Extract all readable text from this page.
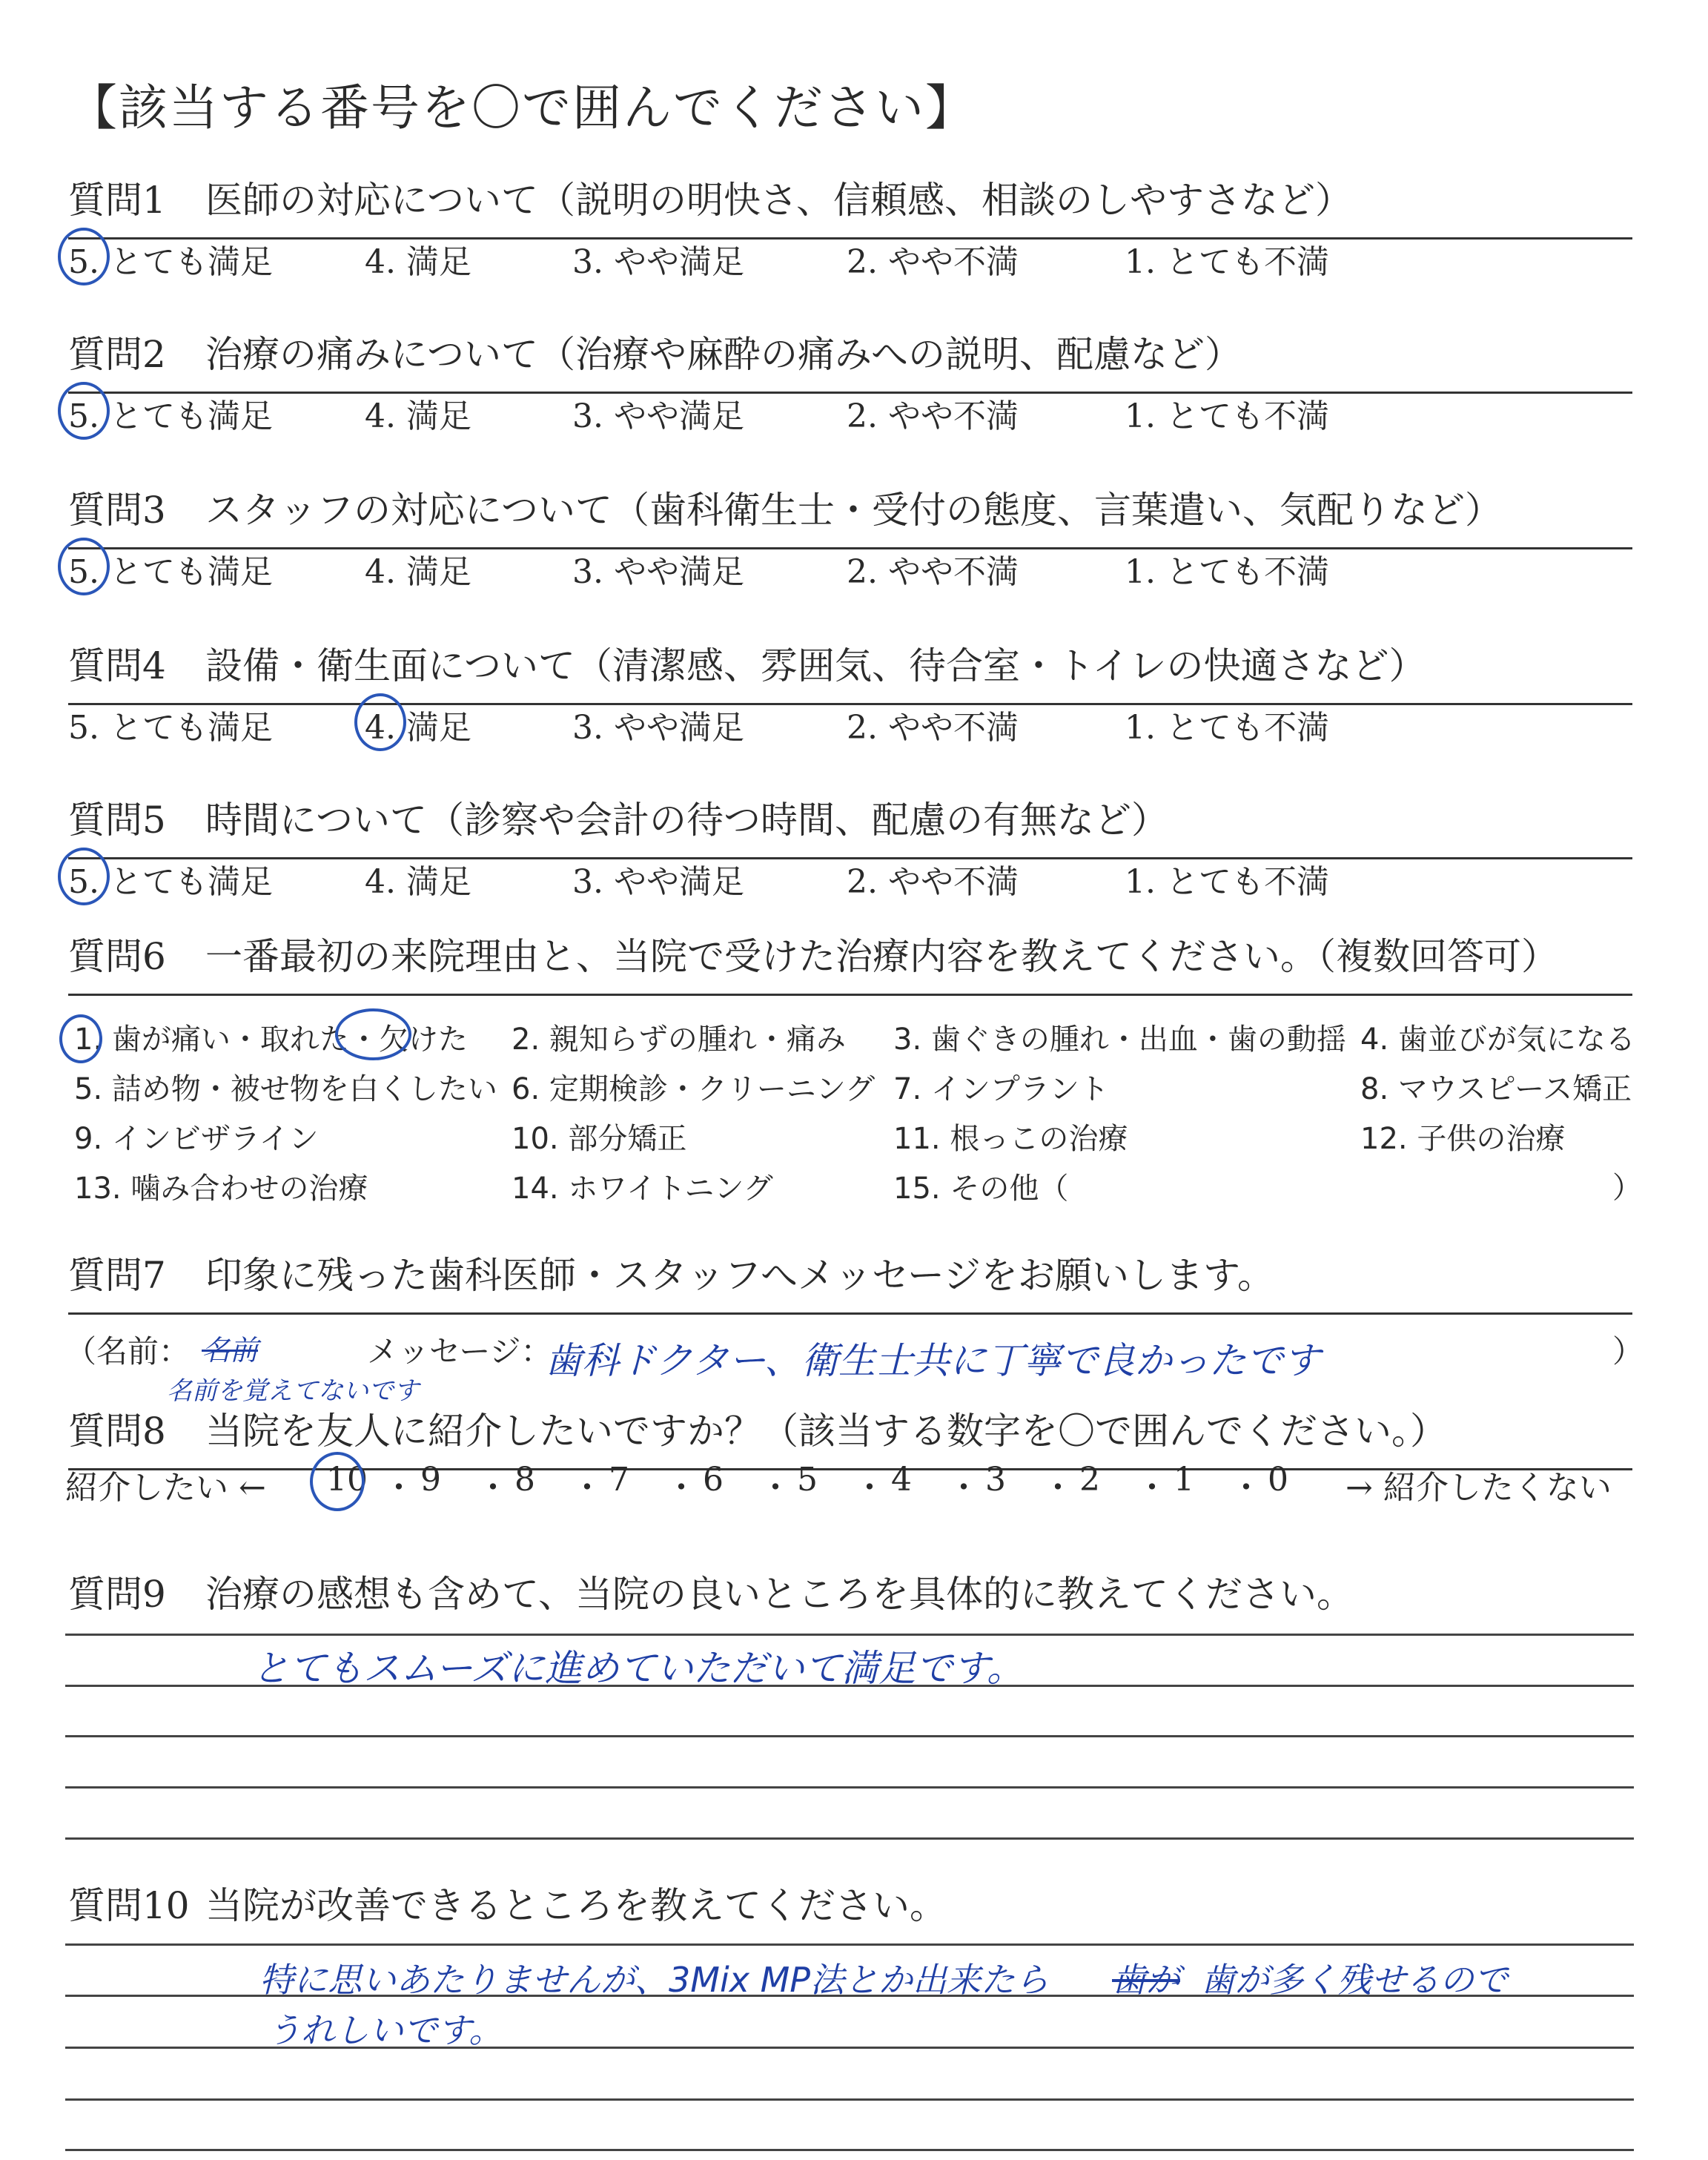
【該当する番号を〇で囲んでください】
質問1 医師の対応について（説明の明快さ、信頼感、相談のしやすさなど）
5. とても満足	4. 満足	3. やや満足	2. やや不満	1. とても不満
質問2 治療の痛みについて（治療や麻酔の痛みへの説明、配慮など）
5. とても満足	4. 満足	3. やや満足	2. やや不満	1. とても不満
質問3 スタッフの対応について（歯科衛生士・受付の態度、言葉遣い、気配りなど）
5. とても満足	4. 満足	3. やや満足	2. やや不満	1. とても不満
質問4 設備・衛生面について（清潔感、雰囲気、待合室・トイレの快適さなど）
5. とても満足	4. 満足	3. やや満足	2. やや不満	1. とても不満
質問5 時間について（診察や会計の待つ時間、配慮の有無など）
5. とても満足	4. 満足	3. やや満足	2. やや不満	1. とても不満
質問6 一番最初の来院理由と、当院で受けた治療内容を教えてください。（複数回答可）
1. 歯が痛い・取れた・欠けた 2. 親知らずの腫れ・痛み 3. 歯ぐきの腫れ・出血・歯の動揺 4. 歯並びが気になる
5. 詰め物・被せ物を白くしたい 6. 定期検診・クリーニング 7. インプラント	8. マウスピース矯正
9. インビザライン	10. 部分矯正	11. 根っこの治療	12. 子供の治療
13. 噛み合わせの治療	14. ホワイトニング	15. その他（	）
質問7 印象に残った歯科医師・スタッフへメッセージをお願いします。
（名前： 名前
名前を覚えてないです
メッセージ：
歯科ドクター、衛生士共に丁寧で良かったです	）
質問8 当院を友人に紹介したいですか？（該当する数字を〇で囲んでください。）
紹介したい ← 10 ・ 9 ・ 8 ・ 7 ・ 6 ・ 5 ・ 4 ・ 3 ・ 2 ・ 1 ・ 0 → 紹介したくない
質問9 治療の感想も含めて、当院の良いところを具体的に教えてください。
とてもスムーズに進めていただいて満足です。
質問10 当院が改善できるところを教えてください。
特に思いあたりませんが、3Mix MP法とか出来たら 歯が 歯が多く残せるので
うれしいです。
